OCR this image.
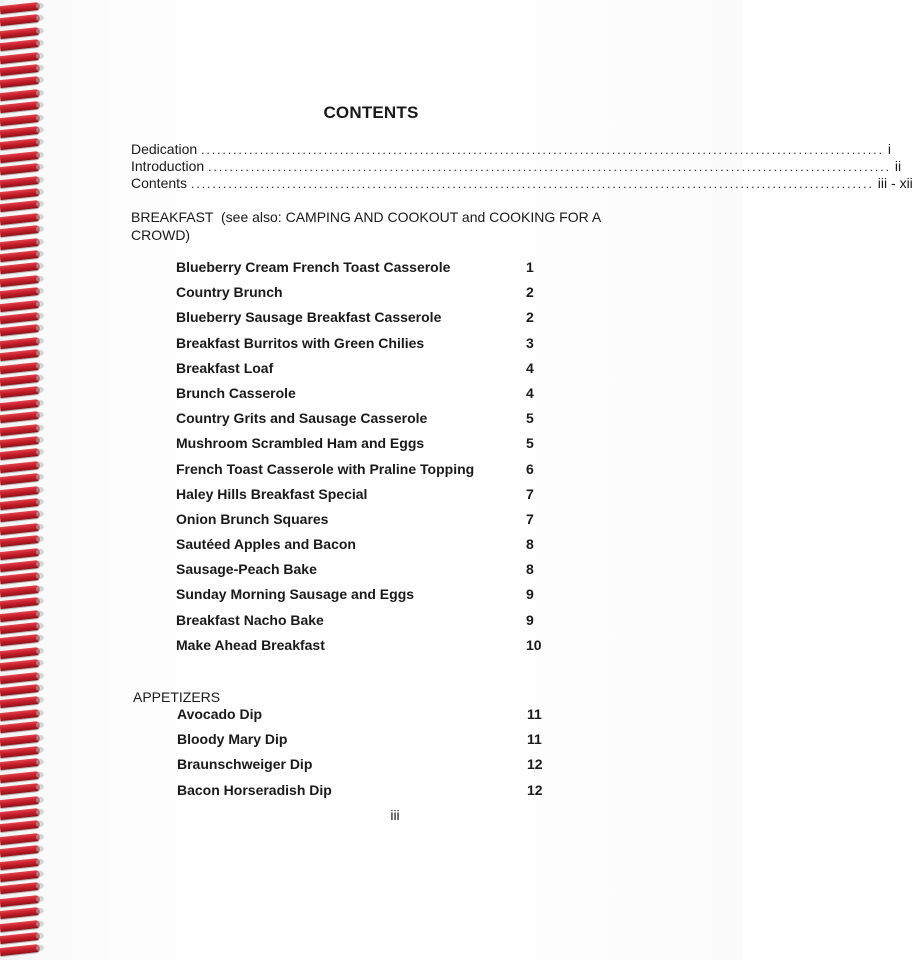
CONTENTS
Dedication ................................................................................................................................ i
Introduction ................................................................................................................................ ii
Contents ................................................................................................................................ iii - xii
BREAKFAST (see also: CAMPING AND COOKOUT and COOKING FOR A CROWD)
Blueberry Cream French Toast Casserole	1
Country Brunch	2
Blueberry Sausage Breakfast Casserole	2
Breakfast Burritos with Green Chilies	3
Breakfast Loaf	4
Brunch Casserole	4
Country Grits and Sausage Casserole	5
Mushroom Scrambled Ham and Eggs	5
French Toast Casserole with Praline Topping	6
Haley Hills Breakfast Special	7
Onion Brunch Squares	7
Sautéed Apples and Bacon	8
Sausage-Peach Bake	8
Sunday Morning Sausage and Eggs	9
Breakfast Nacho Bake	9
Make Ahead Breakfast	10
APPETIZERS
Avocado Dip	11
Bloody Mary Dip	11
Braunschweiger Dip	12
Bacon Horseradish Dip	12
iii
